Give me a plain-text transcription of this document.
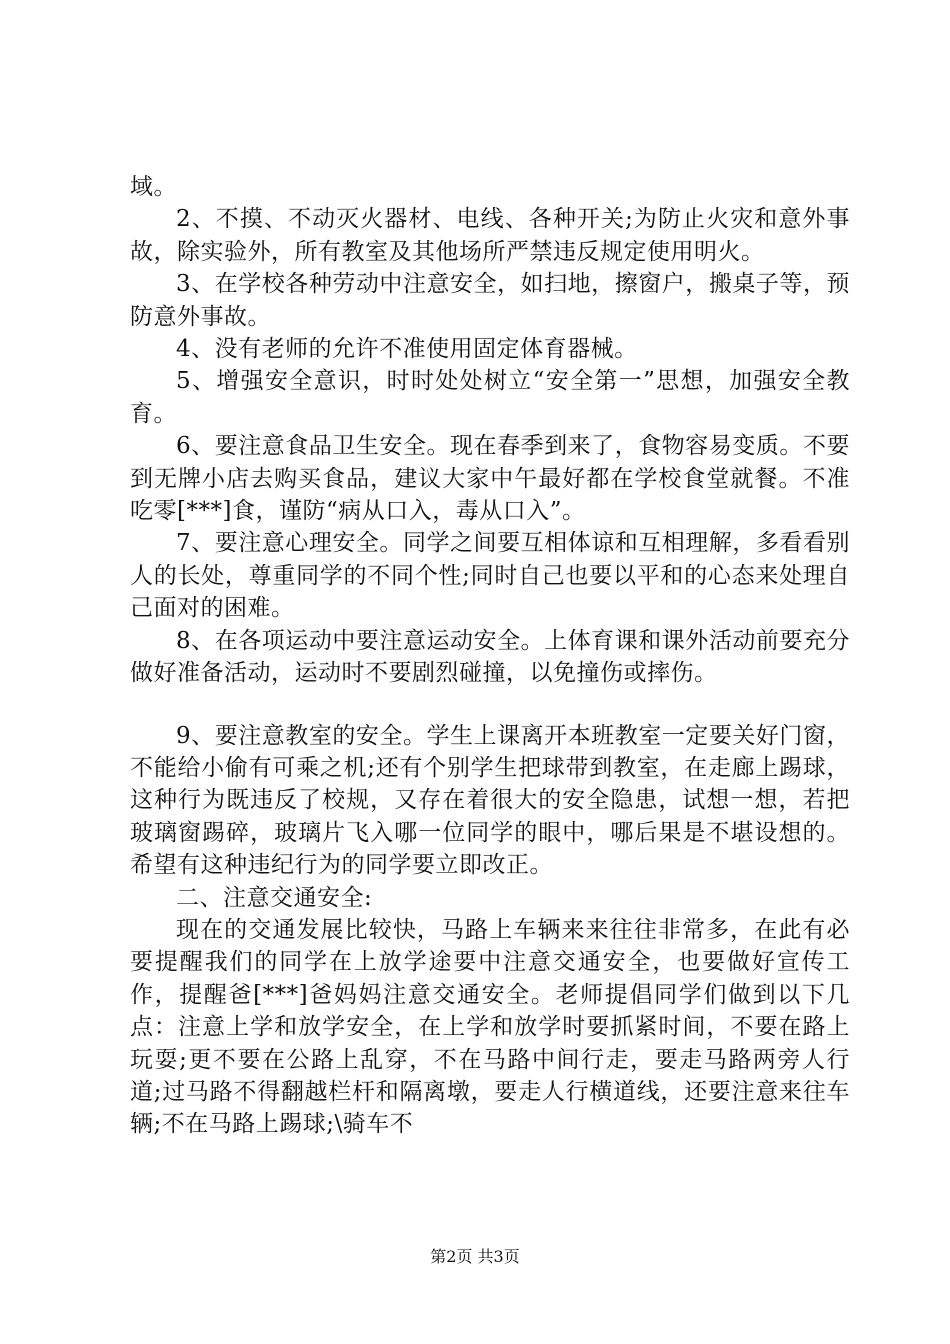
域。

2、不摸、不动灭火器材、电线、各种开关;为防止火灾和意外事故，除实验外，所有教室及其他场所严禁违反规定使用明火。

3、在学校各种劳动中注意安全，如扫地，擦窗户，搬桌子等，预防意外事故。

4、没有老师的允许不准使用固定体育器械。

5、增强安全意识，时时处处树立“安全第一”思想，加强安全教育。

6、要注意食品卫生安全。现在春季到来了，食物容易变质。不要到无牌小店去购买食品，建议大家中午最好都在学校食堂就餐。不准吃零[***]食，谨防“病从口入，毒从口入”。

7、要注意心理安全。同学之间要互相体谅和互相理解，多看看别人的长处，尊重同学的不同个性;同时自己也要以平和的心态来处理自己面对的困难。

8、在各项运动中要注意运动安全。上体育课和课外活动前要充分做好准备活动，运动时不要剧烈碰撞，以免撞伤或摔伤。

9、要注意教室的安全。学生上课离开本班教室一定要关好门窗，不能给小偷有可乘之机;还有个别学生把球带到教室，在走廊上踢球，这种行为既违反了校规，又存在着很大的安全隐患，试想一想，若把玻璃窗踢碎，玻璃片飞入哪一位同学的眼中，哪后果是不堪设想的。希望有这种违纪行为的同学要立即改正。

二、注意交通安全:

现在的交通发展比较快，马路上车辆来来往往非常多，在此有必要提醒我们的同学在上放学途要中注意交通安全，也要做好宣传工作，提醒爸[***]爸妈妈注意交通安全。老师提倡同学们做到以下几点：注意上学和放学安全，在上学和放学时要抓紧时间，不要在路上玩耍;更不要在公路上乱穿，不在马路中间行走，要走马路两旁人行道;过马路不得翻越栏杆和隔离墩，要走人行横道线，还要注意来往车辆;不在马路上踢球;\骑车不

第2页 共3页
